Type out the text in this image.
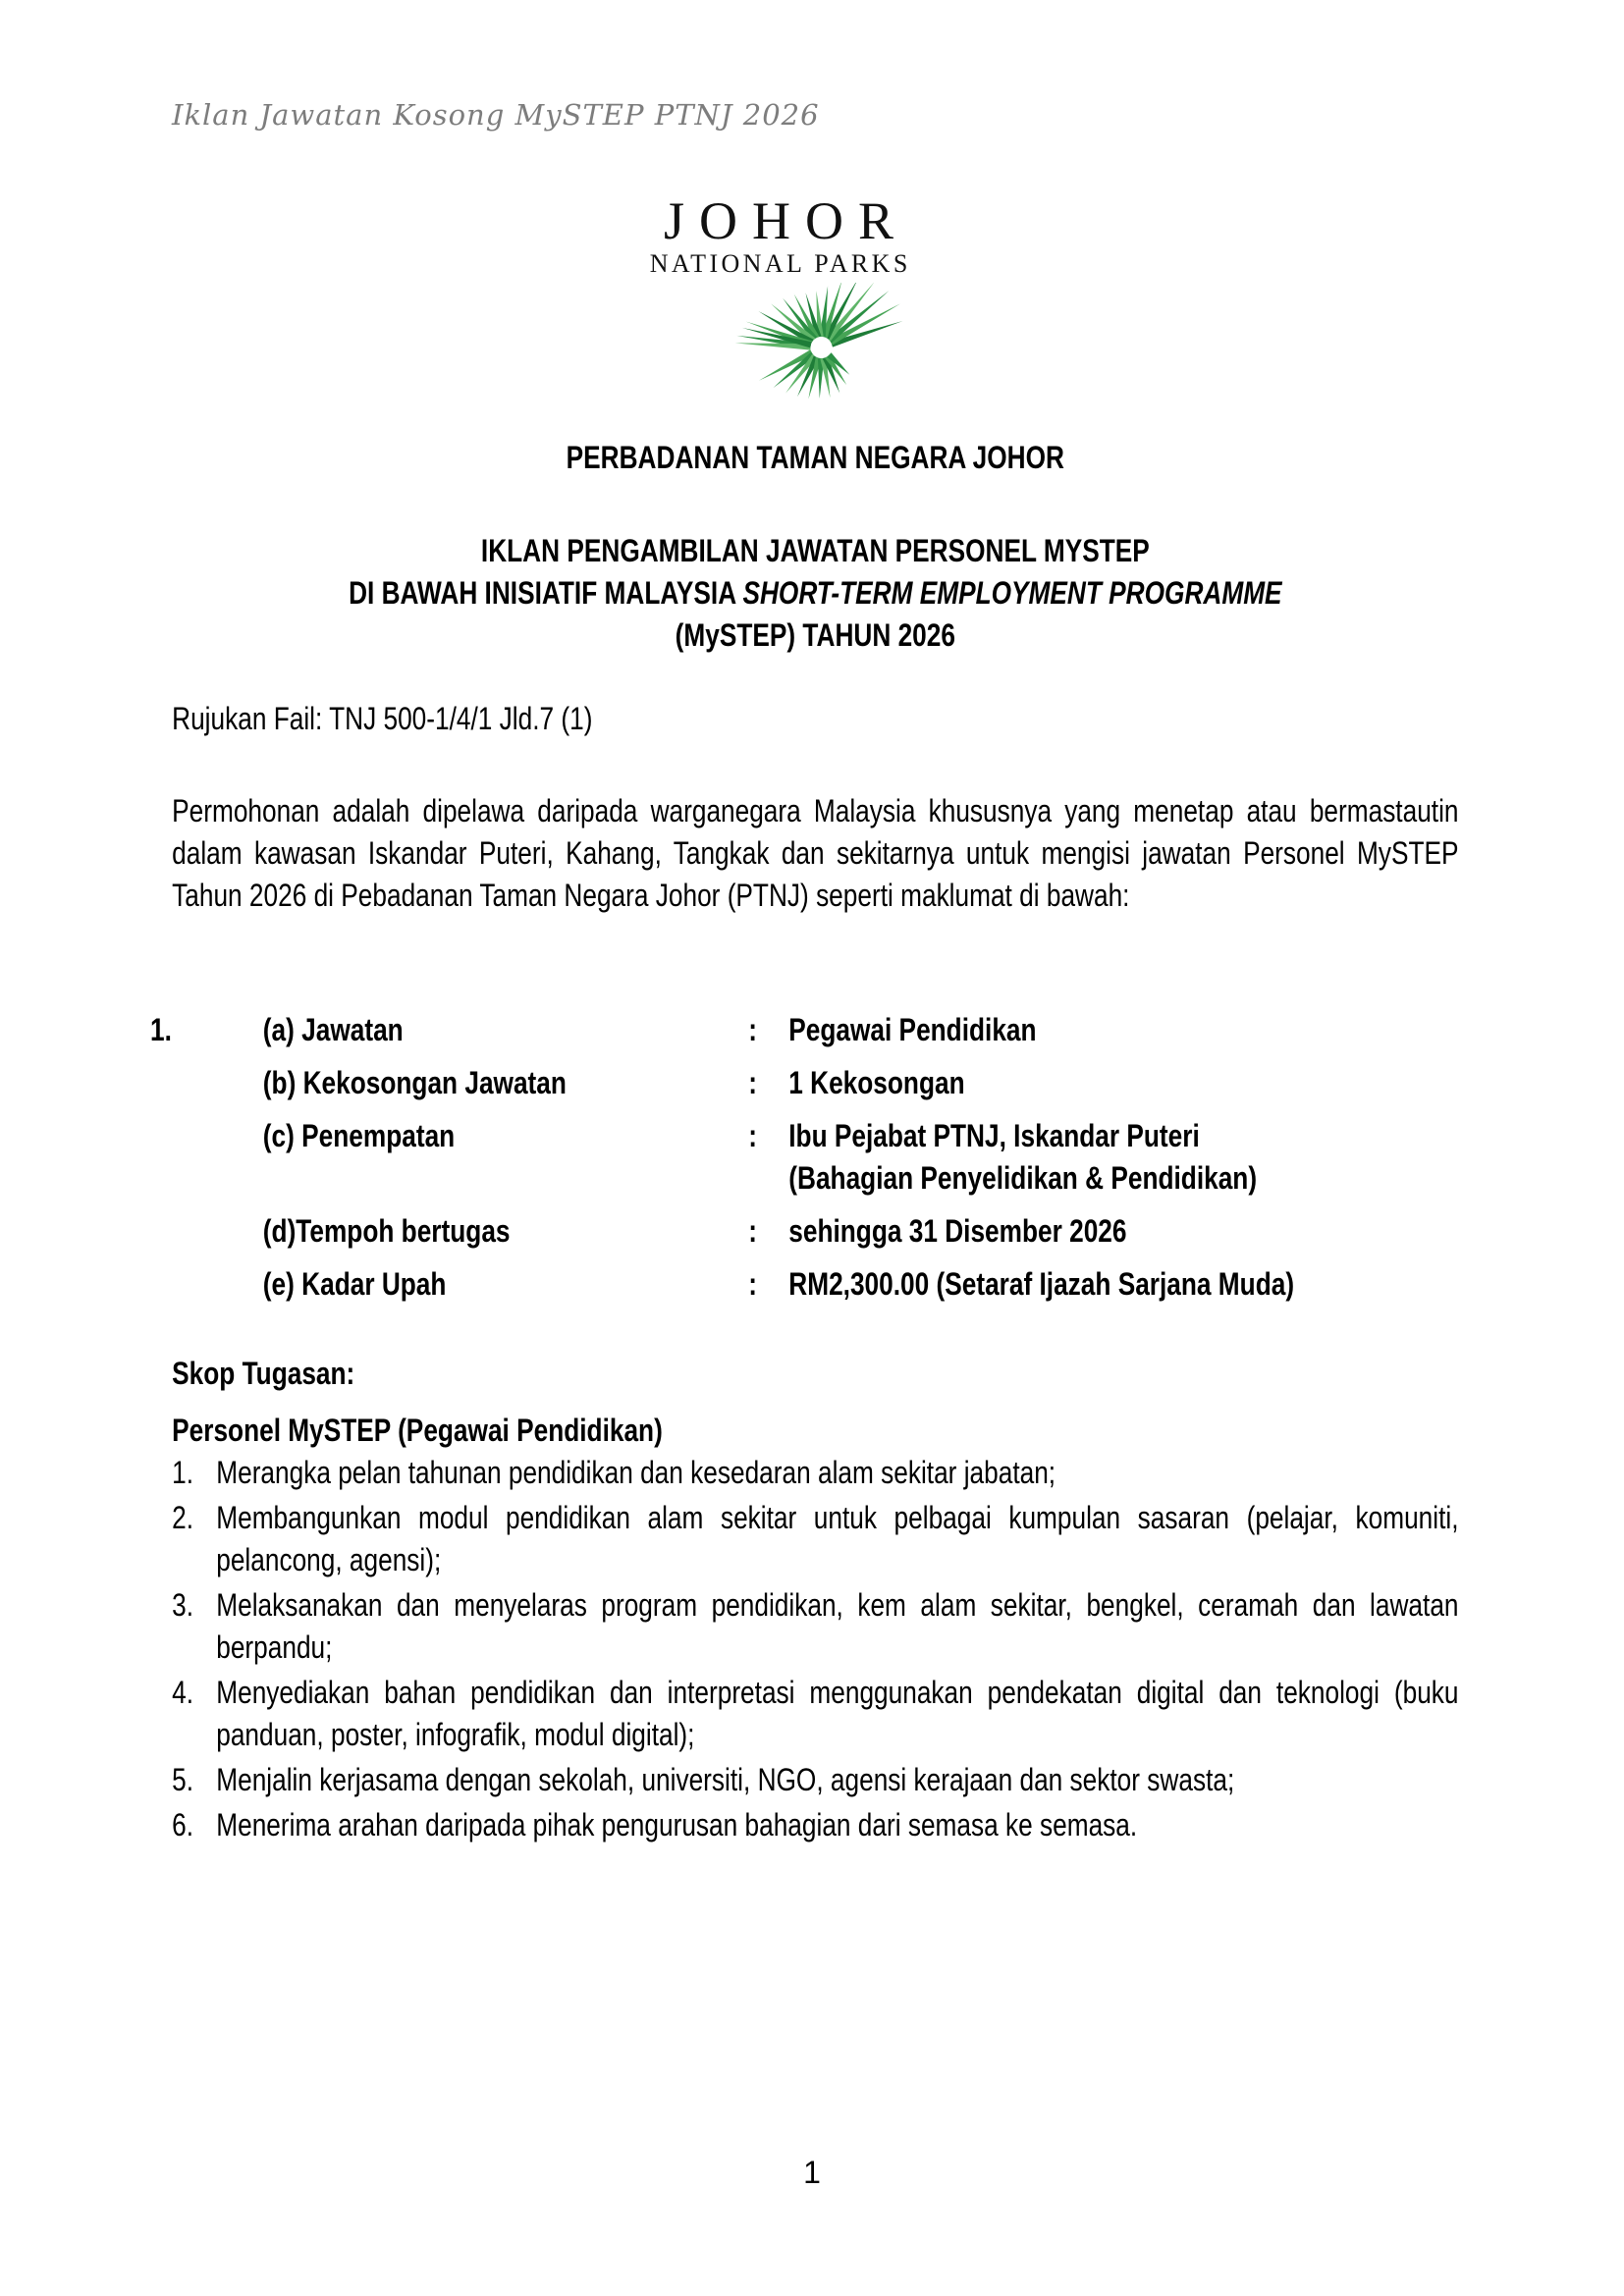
Iklan Jawatan Kosong MySTEP PTNJ 2026
JOHOR
NATIONAL PARKS
PERBADANAN TAMAN NEGARA JOHOR
IKLAN PENGAMBILAN JAWATAN PERSONEL MYSTEP
DI BAWAH INISIATIF MALAYSIA SHORT-TERM EMPLOYMENT PROGRAMME
(MySTEP) TAHUN 2026
Rujukan Fail: TNJ 500-1/4/1 Jld.7 (1)
Permohonan adalah dipelawa daripada warganegara Malaysia khususnya yang menetap atau bermastautin dalam kawasan Iskandar Puteri, Kahang, Tangkak dan sekitarnya untuk mengisi jawatan Personel MySTEP Tahun 2026 di Pebadanan Taman Negara Johor (PTNJ) seperti maklumat di bawah:
1.	(a) Jawatan	:	Pegawai Pendidikan
(b) Kekosongan Jawatan	:	1 Kekosongan
(c) Penempatan	:	Ibu Pejabat PTNJ, Iskandar Puteri
(Bahagian Penyelidikan & Pendidikan)
(d)Tempoh bertugas	:	sehingga 31 Disember 2026
(e) Kadar Upah	:	RM2,300.00 (Setaraf Ijazah Sarjana Muda)
Skop Tugasan:
Personel MySTEP (Pegawai Pendidikan)
1. Merangka pelan tahunan pendidikan dan kesedaran alam sekitar jabatan;
2. Membangunkan modul pendidikan alam sekitar untuk pelbagai kumpulan sasaran (pelajar, komuniti, pelancong, agensi);
3. Melaksanakan dan menyelaras program pendidikan, kem alam sekitar, bengkel, ceramah dan lawatan berpandu;
4. Menyediakan bahan pendidikan dan interpretasi menggunakan pendekatan digital dan teknologi (buku panduan, poster, infografik, modul digital);
5. Menjalin kerjasama dengan sekolah, universiti, NGO, agensi kerajaan dan sektor swasta;
6. Menerima arahan daripada pihak pengurusan bahagian dari semasa ke semasa.
1
